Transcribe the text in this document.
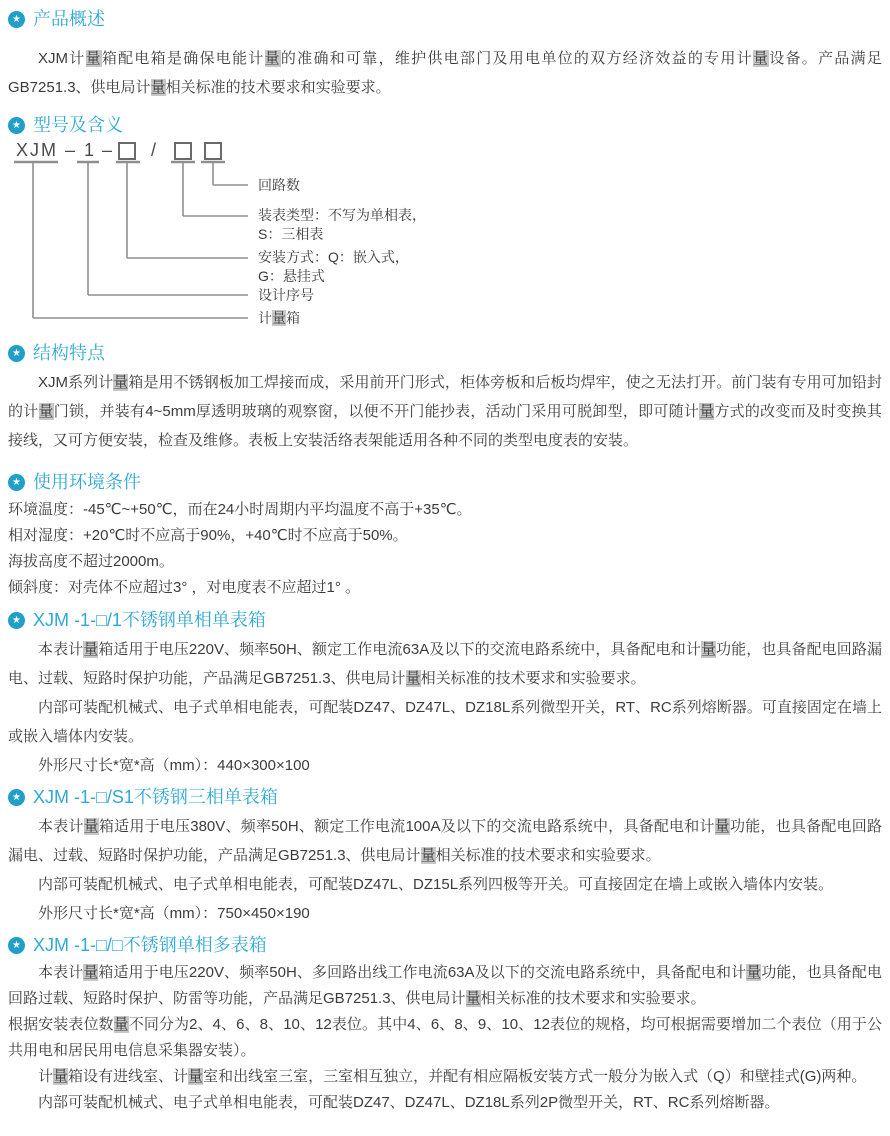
★ 产品概述

XJM计量箱配电箱是确保电能计量的准确和可靠，维护供电部门及用电单位的双方经济效益的专用计量设备。产品满足GB7251.3、供电局计量相关标准的技术要求和实验要求。

★ 型号及含义
XJM – 1 – /
回路数
装表类型：不写为单相表，
S：三相表
安装方式：Q：嵌入式，
G：悬挂式
设计序号
计量箱
★ 结构特点

XJM系列计量箱是用不锈钢板加工焊接而成，采用前开门形式，柜体旁板和后板均焊牢，使之无法打开。前门装有专用可加铅封的计量门锁，并装有4~5mm厚透明玻璃的观察窗，以便不开门能抄表，活动门采用可脱卸型，即可随计量方式的改变而及时变换其接线，又可方便安装，检查及维修。表板上安装活络表架能适用各种不同的类型电度表的安装。

★ 使用环境条件

环境温度：-45℃~+50℃，而在24小时周期内平均温度不高于+35℃。

相对湿度：+20℃时不应高于90%，+40℃时不应高于50%。

海拔高度不超过2000m。

倾斜度：对壳体不应超过3° ，对电度表不应超过1° 。

★ XJM -1-□/1不锈钢单相单表箱

本表计量箱适用于电压220V、频率50H、额定工作电流63A及以下的交流电路系统中，具备配电和计量功能，也具备配电回路漏电、过载、短路时保护功能，产品满足GB7251.3、供电局计量相关标准的技术要求和实验要求。

内部可装配机械式、电子式单相电能表，可配装DZ47、DZ47L、DZ18L系列微型开关，RT、RC系列熔断器。可直接固定在墙上或嵌入墙体内安装。

外形尺寸长*宽*高（mm）：440×300×100

★ XJM -1-□/S1不锈钢三相单表箱

本表计量箱适用于电压380V、频率50H、额定工作电流100A及以下的交流电路系统中，具备配电和计量功能，也具备配电回路漏电、过载、短路时保护功能，产品满足GB7251.3、供电局计量相关标准的技术要求和实验要求。

内部可装配机械式、电子式单相电能表，可配装DZ47L、DZ15L系列四极等开关。可直接固定在墙上或嵌入墙体内安装。

外形尺寸长*宽*高（mm）：750×450×190

★ XJM -1-□/□不锈钢单相多表箱

本表计量箱适用于电压220V、频率50H、多回路出线工作电流63A及以下的交流电路系统中，具备配电和计量功能，也具备配电回路过载、短路时保护、防雷等功能，产品满足GB7251.3、供电局计量相关标准的技术要求和实验要求。

根据安装表位数量不同分为2、4、6、8、10、12表位。其中4、6、8、9、10、12表位的规格，均可根据需要增加二个表位（用于公共用电和居民用电信息采集器安装）。

计量箱设有进线室、计量室和出线室三室，三室相互独立，并配有相应隔板安装方式一般分为嵌入式（Q）和壁挂式(G)两种。

内部可装配机械式、电子式单相电能表，可配装DZ47、DZ47L、DZ18L系列2P微型开关，RT、RC系列熔断器。
